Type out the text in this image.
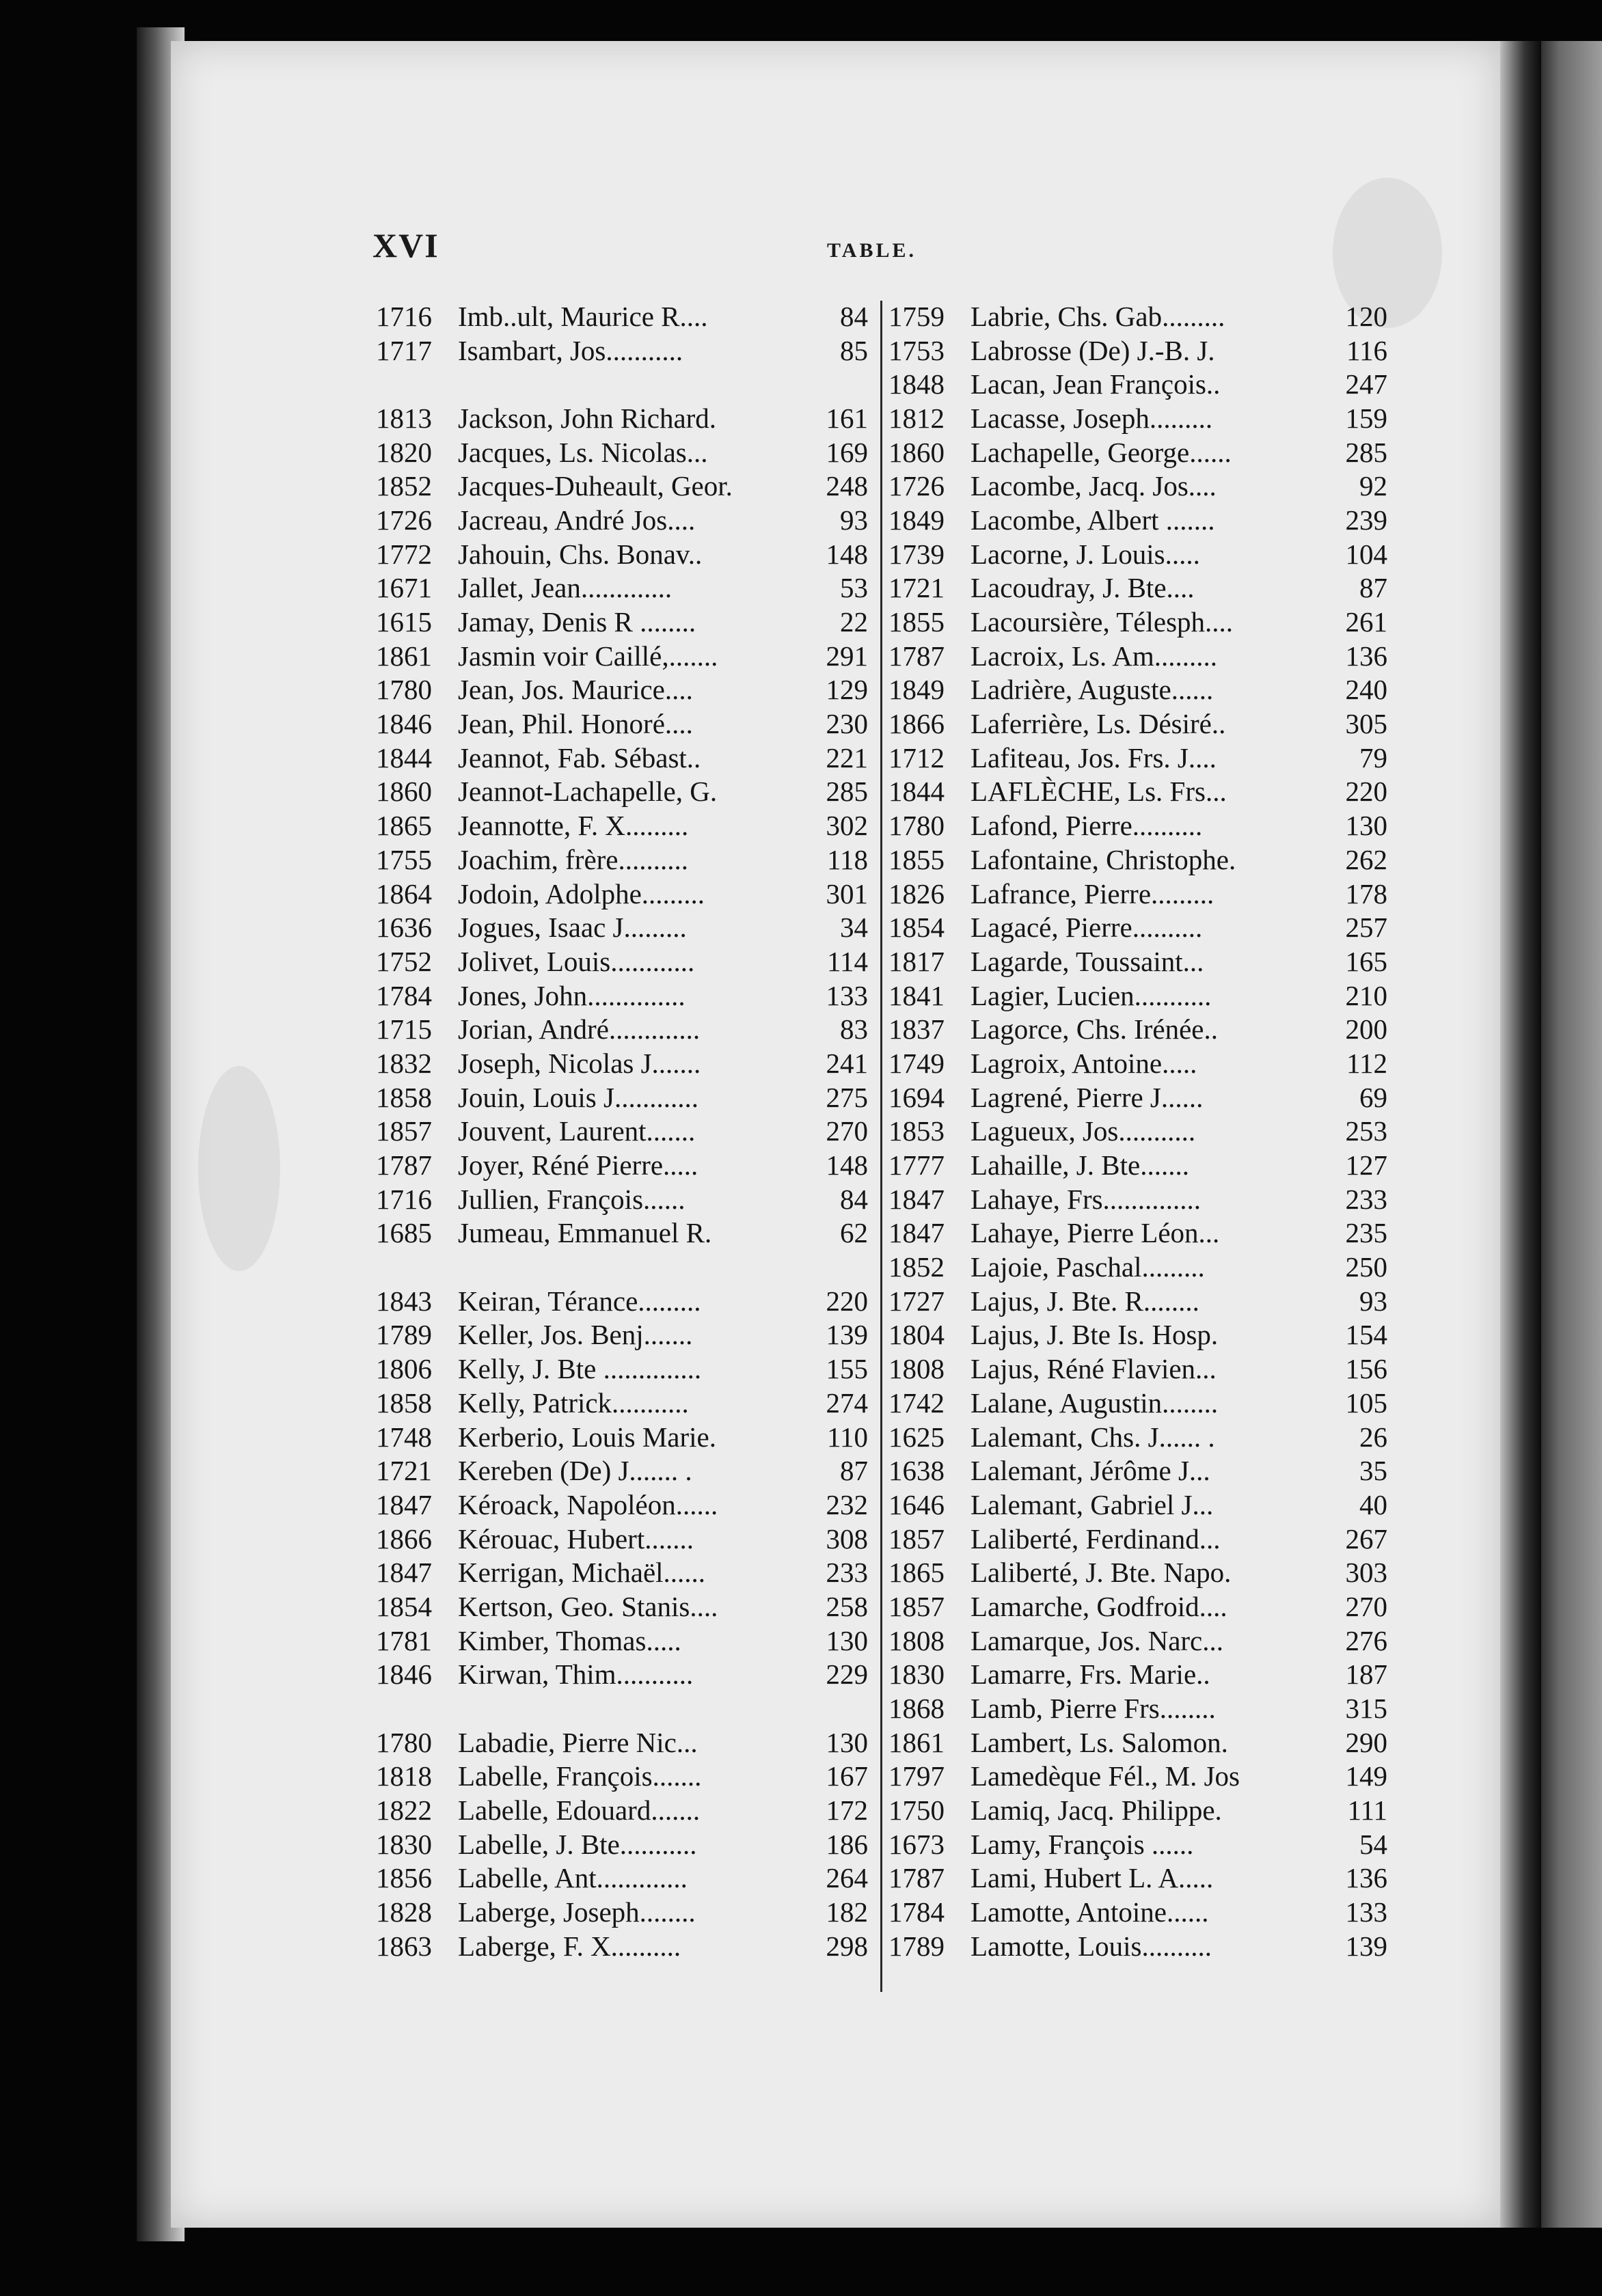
XVI	TABLE.
1716 Imb..ult, Maurice R....	84
1717 Isambart, Jos...........	85
1813 Jackson, John Richard.	161
1820 Jacques, Ls. Nicolas...	169
1852 Jacques-Duheault, Geor.	248
1726 Jacreau, André Jos....	93
1772 Jahouin, Chs. Bonav..	148
1671 Jallet, Jean.............	53
1615 Jamay, Denis R ........	22
1861 Jasmin voir Caillé,.......	291
1780 Jean, Jos. Maurice....	129
1846 Jean, Phil. Honoré....	230
1844 Jeannot, Fab. Sébast..	221
1860 Jeannot-Lachapelle, G.	285
1865 Jeannotte, F. X.........	302
1755 Joachim, frère..........	118
1864 Jodoin, Adolphe.........	301
1636 Jogues, Isaac J.........	34
1752 Jolivet, Louis............	114
1784 Jones, John..............	133
1715 Jorian, André.............	83
1832 Joseph, Nicolas J.......	241
1858 Jouin, Louis J............	275
1857 Jouvent, Laurent.......	270
1787 Joyer, Réné Pierre.....	148
1716 Jullien, François......	84
1685 Jumeau, Emmanuel R.	62
1843 Keiran, Térance.........	220
1789 Keller, Jos. Benj.......	139
1806 Kelly, J. Bte ..............	155
1858 Kelly, Patrick...........	274
1748 Kerberio, Louis Marie.	110
1721 Kereben (De) J....... .	87
1847 Kéroack, Napoléon......	232
1866 Kérouac, Hubert.......	308
1847 Kerrigan, Michaël......	233
1854 Kertson, Geo. Stanis....	258
1781 Kimber, Thomas.....	130
1846 Kirwan, Thim...........	229
1780 Labadie, Pierre Nic...	130
1818 Labelle, François.......	167
1822 Labelle, Edouard.......	172
1830 Labelle, J. Bte...........	186
1856 Labelle, Ant.............	264
1828 Laberge, Joseph........	182
1863 Laberge, F. X..........	298
1759 Labrie, Chs. Gab.........	120
1753 Labrosse (De) J.-B. J.	116
1848 Lacan, Jean François..	247
1812 Lacasse, Joseph.........	159
1860 Lachapelle, George......	285
1726 Lacombe, Jacq. Jos....	92
1849 Lacombe, Albert .......	239
1739 Lacorne, J. Louis.....	104
1721 Lacoudray, J. Bte....	87
1855 Lacoursière, Télesph....	261
1787 Lacroix, Ls. Am.........	136
1849 Ladrière, Auguste......	240
1866 Laferrière, Ls. Désiré..	305
1712 Lafiteau, Jos. Frs. J....	79
1844 LAFLÈCHE, Ls. Frs...	220
1780 Lafond, Pierre..........	130
1855 Lafontaine, Christophe.	262
1826 Lafrance, Pierre.........	178
1854 Lagacé, Pierre..........	257
1817 Lagarde, Toussaint...	165
1841 Lagier, Lucien...........	210
1837 Lagorce, Chs. Irénée..	200
1749 Lagroix, Antoine.....	112
1694 Lagrené, Pierre J......	69
1853 Lagueux, Jos...........	253
1777 Lahaille, J. Bte.......	127
1847 Lahaye, Frs..............	233
1847 Lahaye, Pierre Léon...	235
1852 Lajoie, Paschal.........	250
1727 Lajus, J. Bte. R........	93
1804 Lajus, J. Bte Is. Hosp.	154
1808 Lajus, Réné Flavien...	156
1742 Lalane, Augustin........	105
1625 Lalemant, Chs. J...... .	26
1638 Lalemant, Jérôme J...	35
1646 Lalemant, Gabriel J...	40
1857 Laliberté, Ferdinand...	267
1865 Laliberté, J. Bte. Napo.	303
1857 Lamarche, Godfroid....	270
1808 Lamarque, Jos. Narc...	276
1830 Lamarre, Frs. Marie..	187
1868 Lamb, Pierre Frs........	315
1861 Lambert, Ls. Salomon.	290
1797 Lamedèque Fél., M. Jos	149
1750 Lamiq, Jacq. Philippe.	111
1673 Lamy, François ......	54
1787 Lami, Hubert L. A.....	136
1784 Lamotte, Antoine......	133
1789 Lamotte, Louis..........	139
